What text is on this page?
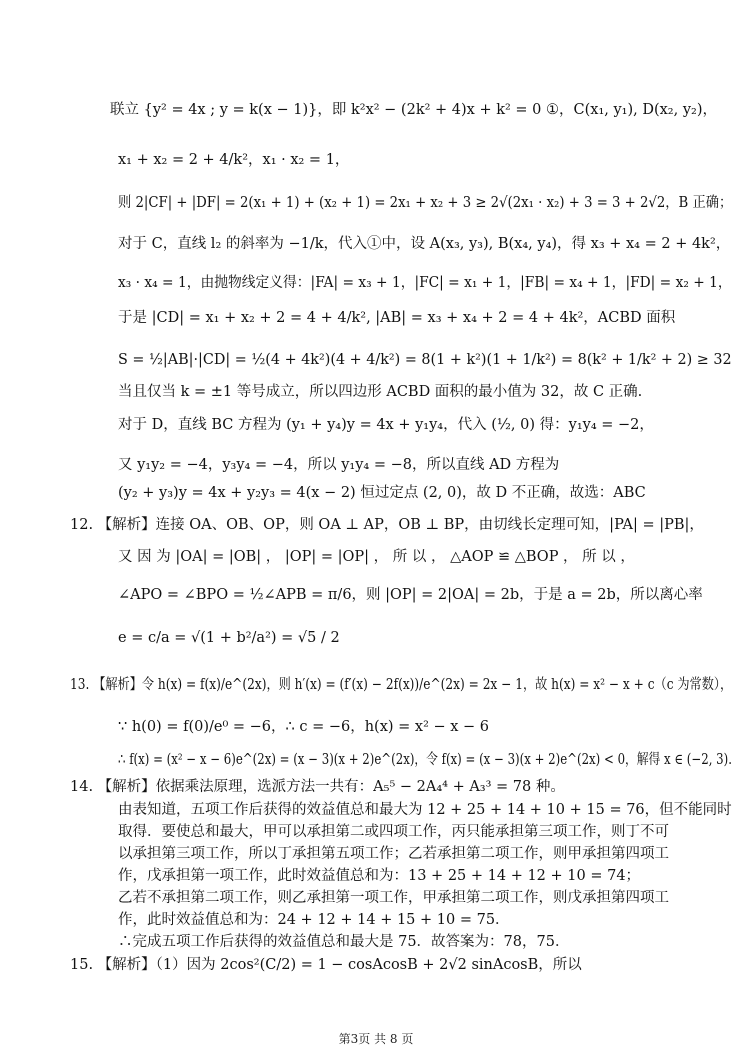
联立 {y² = 4x ; y = k(x − 1)}，即 k²x² − (2k² + 4)x + k² = 0 ①，C(x₁, y₁), D(x₂, y₂)，
x₁ + x₂ = 2 + 4/k²，x₁ · x₂ = 1，
则 2|CF| + |DF| = 2(x₁ + 1) + (x₂ + 1) = 2x₁ + x₂ + 3 ≥ 2√(2x₁ · x₂) + 3 = 3 + 2√2，B 正确；
对于 C，直线 l₂ 的斜率为 −1/k，代入①中，设 A(x₃, y₃), B(x₄, y₄)，得 x₃ + x₄ = 2 + 4k²，
x₃ · x₄ = 1，由抛物线定义得：|FA| = x₃ + 1，|FC| = x₁ + 1，|FB| = x₄ + 1，|FD| = x₂ + 1，
于是 |CD| = x₁ + x₂ + 2 = 4 + 4/k², |AB| = x₃ + x₄ + 2 = 4 + 4k²，ACBD 面积
S = ½|AB|·|CD| = ½(4 + 4k²)(4 + 4/k²) = 8(1 + k²)(1 + 1/k²) = 8(k² + 1/k² + 2) ≥ 32
当且仅当 k = ±1 等号成立，所以四边形 ACBD 面积的最小值为 32，故 C 正确.
对于 D，直线 BC 方程为 (y₁ + y₄)y = 4x + y₁y₄，代入 (½, 0) 得：y₁y₄ = −2，
又 y₁y₂ = −4，y₃y₄ = −4，所以 y₁y₄ = −8，所以直线 AD 方程为
(y₂ + y₃)y = 4x + y₂y₃ = 4(x − 2) 恒过定点 (2, 0)，故 D 不正确，故选：ABC
12. 【解析】连接 OA、OB、OP，则 OA ⊥ AP，OB ⊥ BP，由切线长定理可知，|PA| = |PB|，
又 因 为 |OA| = |OB| ， |OP| = |OP| ， 所 以 ， △AOP ≌ △BOP ， 所 以 ，
∠APO = ∠BPO = ½∠APB = π/6，则 |OP| = 2|OA| = 2b，于是 a = 2b，所以离心率
e = c/a = √(1 + b²/a²) = √5 / 2
13. 【解析】令 h(x) = f(x)/e^(2x)，则 h′(x) = (f′(x) − 2f(x))/e^(2x) = 2x − 1，故 h(x) = x² − x + c（c 为常数），
∵ h(0) = f(0)/e⁰ = −6，∴ c = −6，h(x) = x² − x − 6
∴ f(x) = (x² − x − 6)e^(2x) = (x − 3)(x + 2)e^(2x)，令 f(x) = (x − 3)(x + 2)e^(2x) < 0，解得 x ∈ (−2, 3).
14. 【解析】依据乘法原理，选派方法一共有：A₅⁵ − 2A₄⁴ + A₃³ = 78 种。
由表知道，五项工作后获得的效益值总和最大为 12 + 25 + 14 + 10 + 15 = 76，但不能同时
取得．要使总和最大，甲可以承担第二或四项工作，丙只能承担第三项工作，则丁不可
以承担第三项工作，所以丁承担第五项工作；乙若承担第二项工作，则甲承担第四项工
作，戊承担第一项工作，此时效益值总和为：13 + 25 + 14 + 12 + 10 = 74；
乙若不承担第二项工作，则乙承担第一项工作，甲承担第二项工作，则戊承担第四项工
作，此时效益值总和为：24 + 12 + 14 + 15 + 10 = 75．
∴完成五项工作后获得的效益值总和最大是 75．故答案为：78，75．
15. 【解析】（1）因为 2cos²(C/2) = 1 − cosAcosB + 2√2 sinAcosB，所以
第3页 共 8 页
